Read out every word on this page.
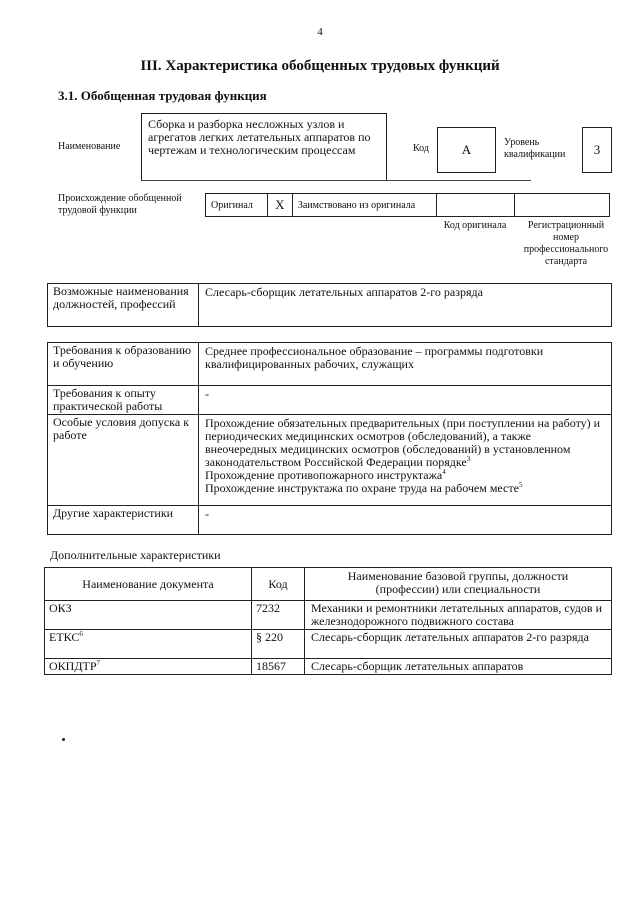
4
III. Характеристика обобщенных трудовых функций
3.1. Обобщенная трудовая функция
Наименование
Сборка и разборка несложных узлов и агрегатов легких летательных аппаратов по чертежам и технологическим процессам	Код	А	Уровень квалификации	3
Происхождение обобщенной трудовой функции	Оригинал	X	Заимствовано из оригинала
Код оригинала	Регистрационный номер профессионального стандарта
Возможные наименования должностей, профессий	Слесарь-сборщик летательных аппаратов 2-го разряда
Требования к образованию и обучению	Среднее профессиональное образование – программы подготовки квалифицированных рабочих, служащих
Требования к опыту практической работы	-
Особые условия допуска к работе	Прохождение обязательных предварительных (при поступлении на работу) и периодических медицинских осмотров (обследований), а также внеочередных медицинских осмотров (обследований) в установленном законодательством Российской Федерации порядке$^3$
Прохождение противопожарного инструктажа$^4$
Прохождение инструктажа по охране труда на рабочем месте$^5$
Другие характеристики	-
Дополнительные характеристики
Наименование документа	Код	Наименование базовой группы, должности (профессии) или специальности
ОКЗ	7232	Механики и ремонтники летательных аппаратов, судов и железнодорожного подвижного состава
ЕТКС$^6$	§ 220	Слесарь-сборщик летательных аппаратов 2-го разряда
ОКПДТР$^7$	18567	Слесарь-сборщик летательных аппаратов
